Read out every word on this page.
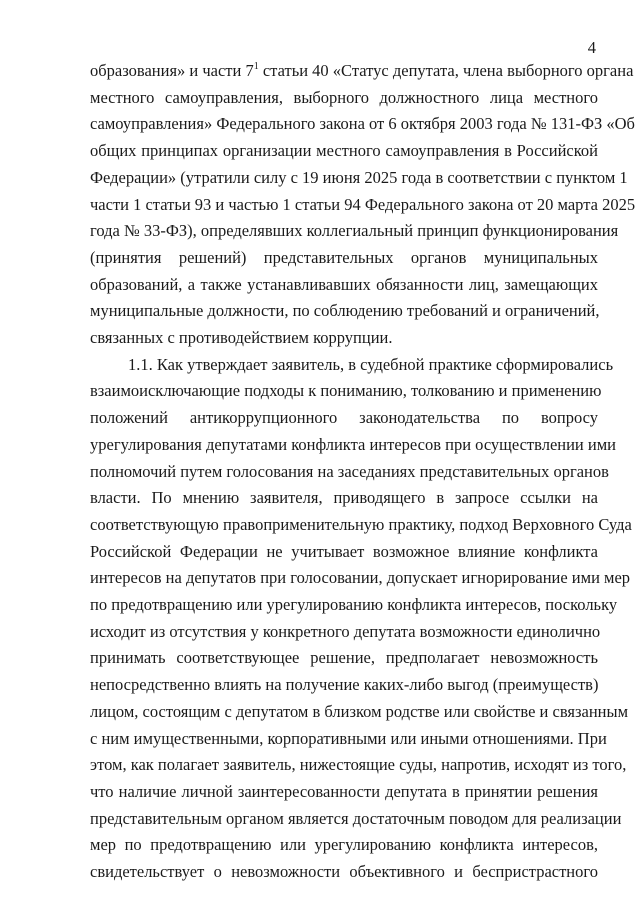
4
образования» и части $7^1$ статьи 40 «Статус депутата, члена выборного органа
местного самоуправления, выборного должностного лица местного
самоуправления» Федерального закона от 6 октября 2003 года № 131-ФЗ «Об
общих принципах организации местного самоуправления в Российской
Федерации» (утратили силу с 19 июня 2025 года в соответствии с пунктом 1
части 1 статьи 93 и частью 1 статьи 94 Федерального закона от 20 марта 2025
года № 33-ФЗ), определявших коллегиальный принцип функционирования
(принятия решений) представительных органов муниципальных
образований, а также устанавливавших обязанности лиц, замещающих
муниципальные должности, по соблюдению требований и ограничений,
связанных с противодействием коррупции.
1.1. Как утверждает заявитель, в судебной практике сформировались
взаимоисключающие подходы к пониманию, толкованию и применению
положений антикоррупционного законодательства по вопросу
урегулирования депутатами конфликта интересов при осуществлении ими
полномочий путем голосования на заседаниях представительных органов
власти. По мнению заявителя, приводящего в запросе ссылки на
соответствующую правоприменительную практику, подход Верховного Суда
Российской Федерации не учитывает возможное влияние конфликта
интересов на депутатов при голосовании, допускает игнорирование ими мер
по предотвращению или урегулированию конфликта интересов, поскольку
исходит из отсутствия у конкретного депутата возможности единолично
принимать соответствующее решение, предполагает невозможность
непосредственно влиять на получение каких-либо выгод (преимуществ)
лицом, состоящим с депутатом в близком родстве или свойстве и связанным
с ним имущественными, корпоративными или иными отношениями. При
этом, как полагает заявитель, нижестоящие суды, напротив, исходят из того,
что наличие личной заинтересованности депутата в принятии решения
представительным органом является достаточным поводом для реализации
мер по предотвращению или урегулированию конфликта интересов,
свидетельствует о невозможности объективного и беспристрастного
